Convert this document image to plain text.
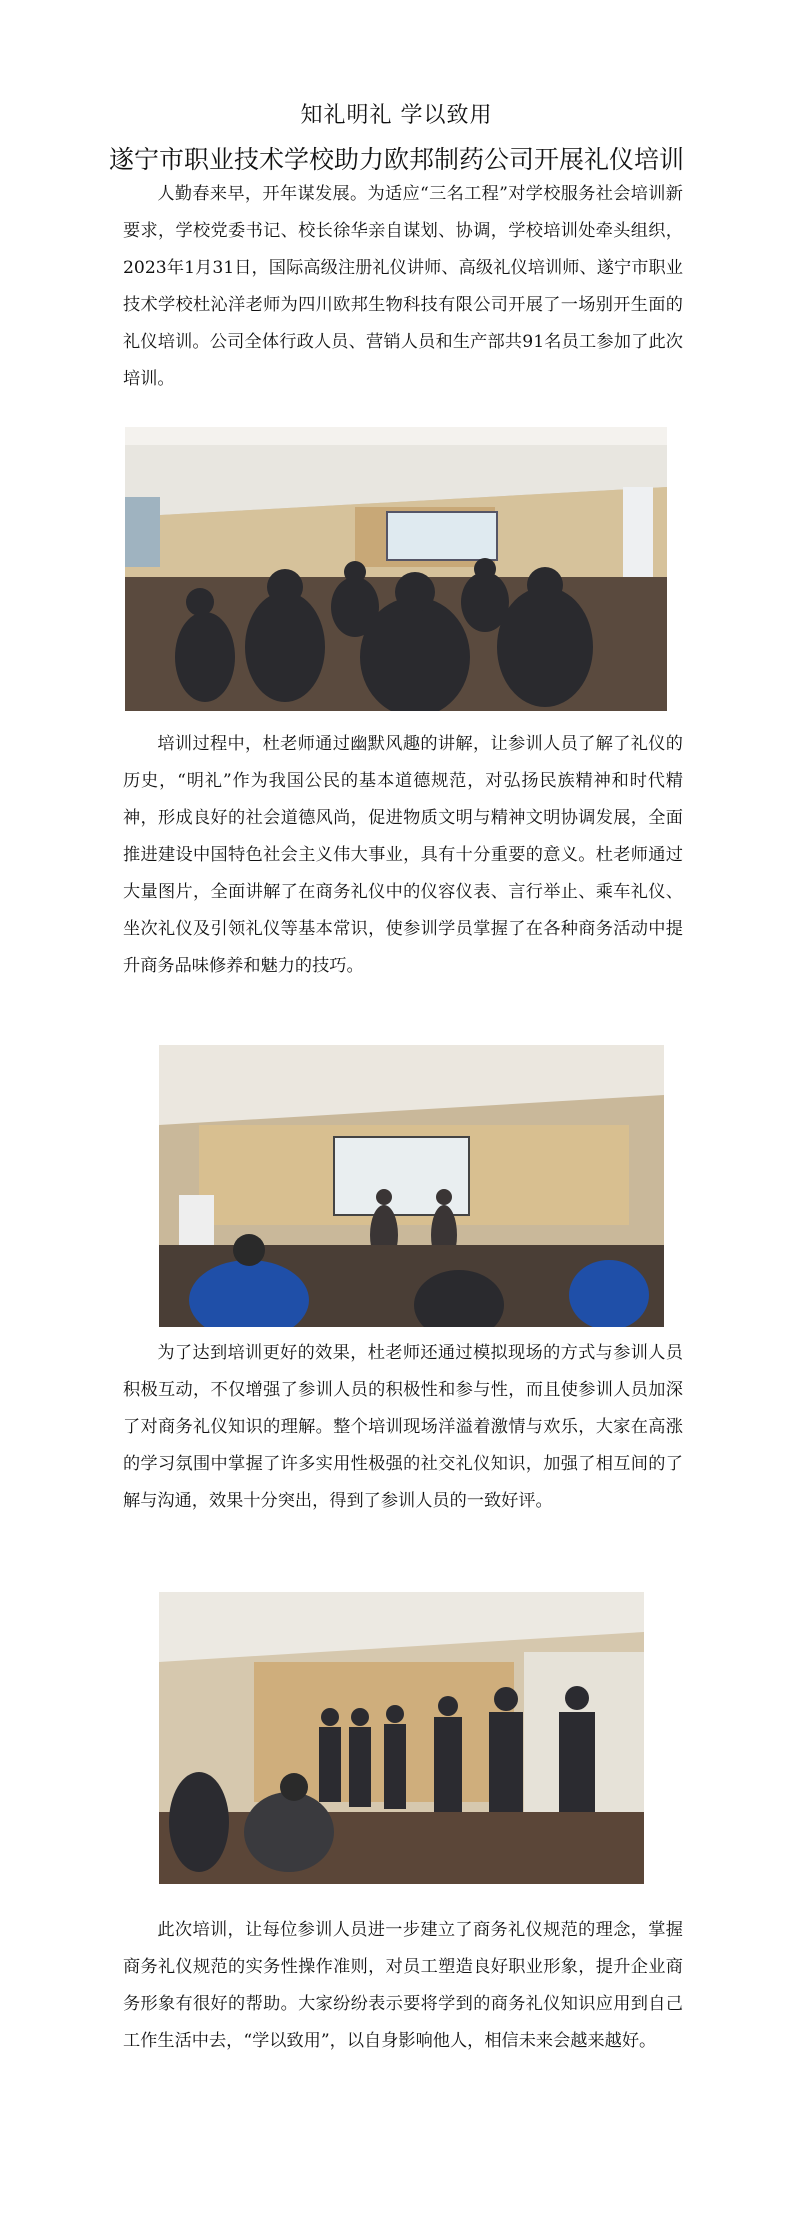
知礼明礼 学以致用
遂宁市职业技术学校助力欧邦制药公司开展礼仪培训

人勤春来早，开年谋发展。为适应“三名工程”对学校服务社会培训新要求，学校党委书记、校长徐华亲自谋划、协调，学校培训处牵头组织，2023年1月31日，国际高级注册礼仪讲师、高级礼仪培训师、遂宁市职业技术学校杜沁洋老师为四川欧邦生物科技有限公司开展了一场别开生面的礼仪培训。公司全体行政人员、营销人员和生产部共91名员工参加了此次培训。

培训过程中，杜老师通过幽默风趣的讲解，让参训人员了解了礼仪的历史，“明礼”作为我国公民的基本道德规范，对弘扬民族精神和时代精神，形成良好的社会道德风尚，促进物质文明与精神文明协调发展，全面推进建设中国特色社会主义伟大事业，具有十分重要的意义。杜老师通过大量图片，全面讲解了在商务礼仪中的仪容仪表、言行举止、乘车礼仪、坐次礼仪及引领礼仪等基本常识，使参训学员掌握了在各种商务活动中提升商务品味修养和魅力的技巧。

为了达到培训更好的效果，杜老师还通过模拟现场的方式与参训人员积极互动，不仅增强了参训人员的积极性和参与性，而且使参训人员加深了对商务礼仪知识的理解。整个培训现场洋溢着激情与欢乐，大家在高涨的学习氛围中掌握了许多实用性极强的社交礼仪知识，加强了相互间的了解与沟通，效果十分突出，得到了参训人员的一致好评。

此次培训，让每位参训人员进一步建立了商务礼仪规范的理念，掌握商务礼仪规范的实务性操作准则，对员工塑造良好职业形象，提升企业商务形象有很好的帮助。大家纷纷表示要将学到的商务礼仪知识应用到自己工作生活中去，“学以致用”，以自身影响他人，相信未来会越来越好。
